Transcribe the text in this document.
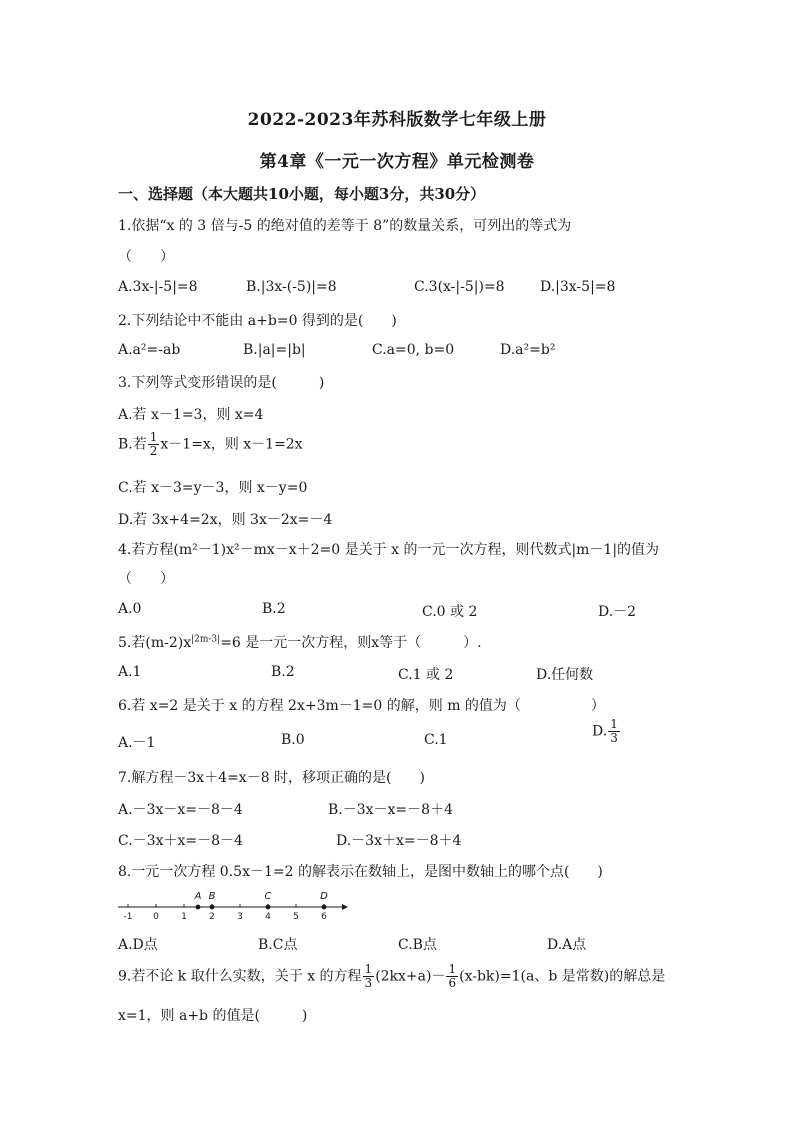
2022-2023年苏科版数学七年级上册
第4章《一元一次方程》单元检测卷
一、选择题（本大题共10小题，每小题3分，共30分）
1.依据“x 的 3 倍与-5 的绝对值的差等于 8”的数量关系，可列出的等式为
（　　）
A.3x-|-5|=8	B.|3x-(-5)|=8	C.3(x-|-5|)=8	D.|3x-5|=8
2.下列结论中不能由 a+b=0 得到的是(　　)
A.a²=-ab	B.|a|=|b|	C.a=0, b=0	D.a²=b²
3.下列等式变形错误的是(　　　)
A.若 x－1=3，则 x=4
B.若 $\frac{1}{2} x-1=x$，则 x－1=2x
C.若 x－3=y－3，则 x－y=0
D.若 3x+4=2x，则 3x－2x=－4
4.若方程(m²－1)x²－mx－x＋2=0 是关于 x 的一元一次方程，则代数式|m－1|的值为
（　　）
A.0	B.2	C.0 或 2	D.－2
5.若$(m-2)x^{|2m-3|}=6$ 是一元一次方程，则x等于（　　　）.
A.1	B.2	C.1 或 2	D.任何数
6.若 x=2 是关于 x 的方程 2x+3m－1=0 的解，则 m 的值为（　　　　　）
A.－1	B.0	C.1
D. $\frac{1}{3}$
7.解方程－3x＋4=x－8 时，移项正确的是(　　)
A.－3x－x=－8－4	B.－3x－x=－8＋4
C.－3x＋x=－8－4	D.－3x＋x=－8＋4
8.一元一次方程 0.5x－1=2 的解表示在数轴上，是图中数轴上的哪个点(　　)
-1 0 1 2 3 4 5 6
A B	C	D
A.D点	B.C点	C.B点	D.A点
9.若不论 k 取什么实数，关于 x 的方程 $\frac{1}{3} (2kx+a)- \frac{1}{6} (x-bk)=1(a$、b 是常数)的解总是
x=1，则 a+b 的值是(　　　)
